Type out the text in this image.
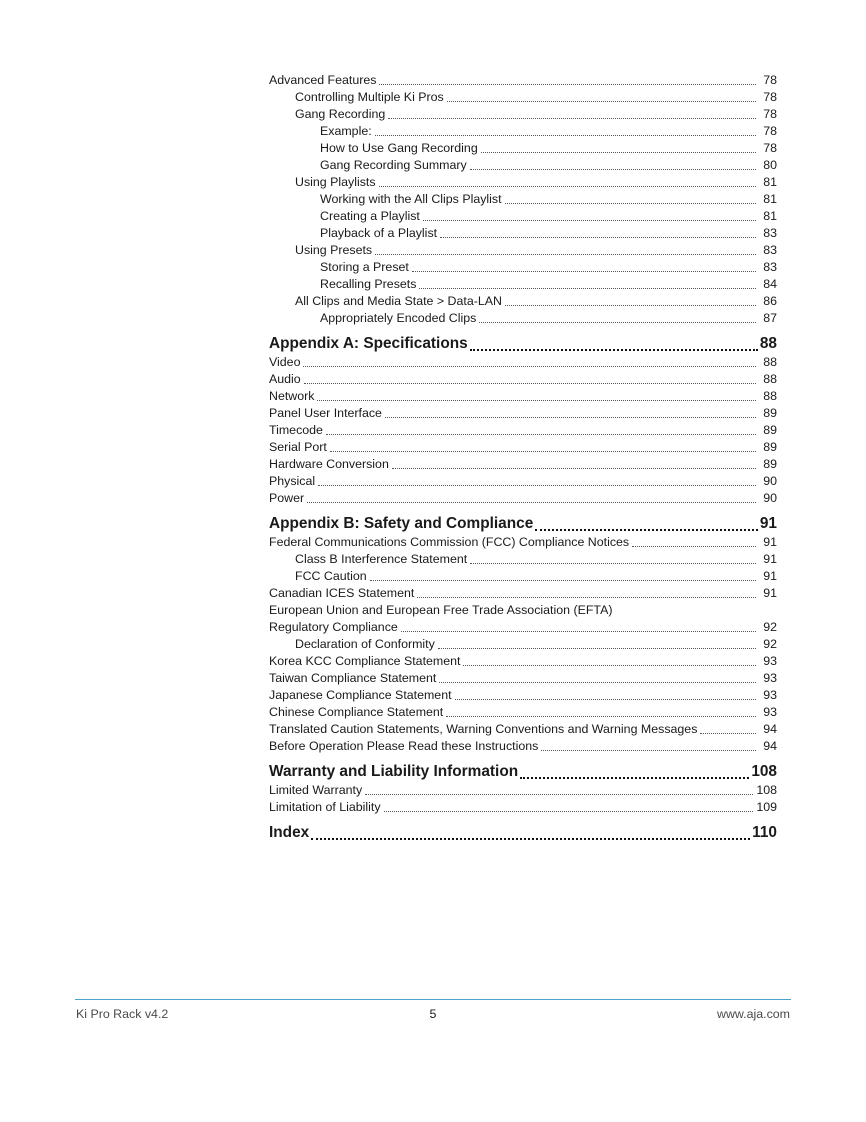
Advanced Features	78
Controlling Multiple Ki Pros	78
Gang Recording	78
Example:	78
How to Use Gang Recording	78
Gang Recording Summary	80
Using Playlists	81
Working with the All Clips Playlist	81
Creating a Playlist	81
Playback of a Playlist	83
Using Presets	83
Storing a Preset	83
Recalling Presets	84
All Clips and Media State > Data-LAN	86
Appropriately Encoded Clips	87
Appendix A: Specifications	88
Video	88
Audio	88
Network	88
Panel User Interface	89
Timecode	89
Serial Port	89
Hardware Conversion	89
Physical	90
Power	90
Appendix B: Safety and Compliance	91
Federal Communications Commission (FCC) Compliance Notices	91
Class B Interference Statement	91
FCC Caution	91
Canadian ICES Statement	91
European Union and European Free Trade Association (EFTA)
Regulatory Compliance	92
Declaration of Conformity	92
Korea KCC Compliance Statement	93
Taiwan Compliance Statement	93
Japanese Compliance Statement	93
Chinese Compliance Statement	93
Translated Caution Statements, Warning Conventions and Warning Messages	94
Before Operation Please Read these Instructions	94
Warranty and Liability Information	108
Limited Warranty	108
Limitation of Liability	109
Index	110
Ki Pro Rack v4.2	5	www.aja.com
